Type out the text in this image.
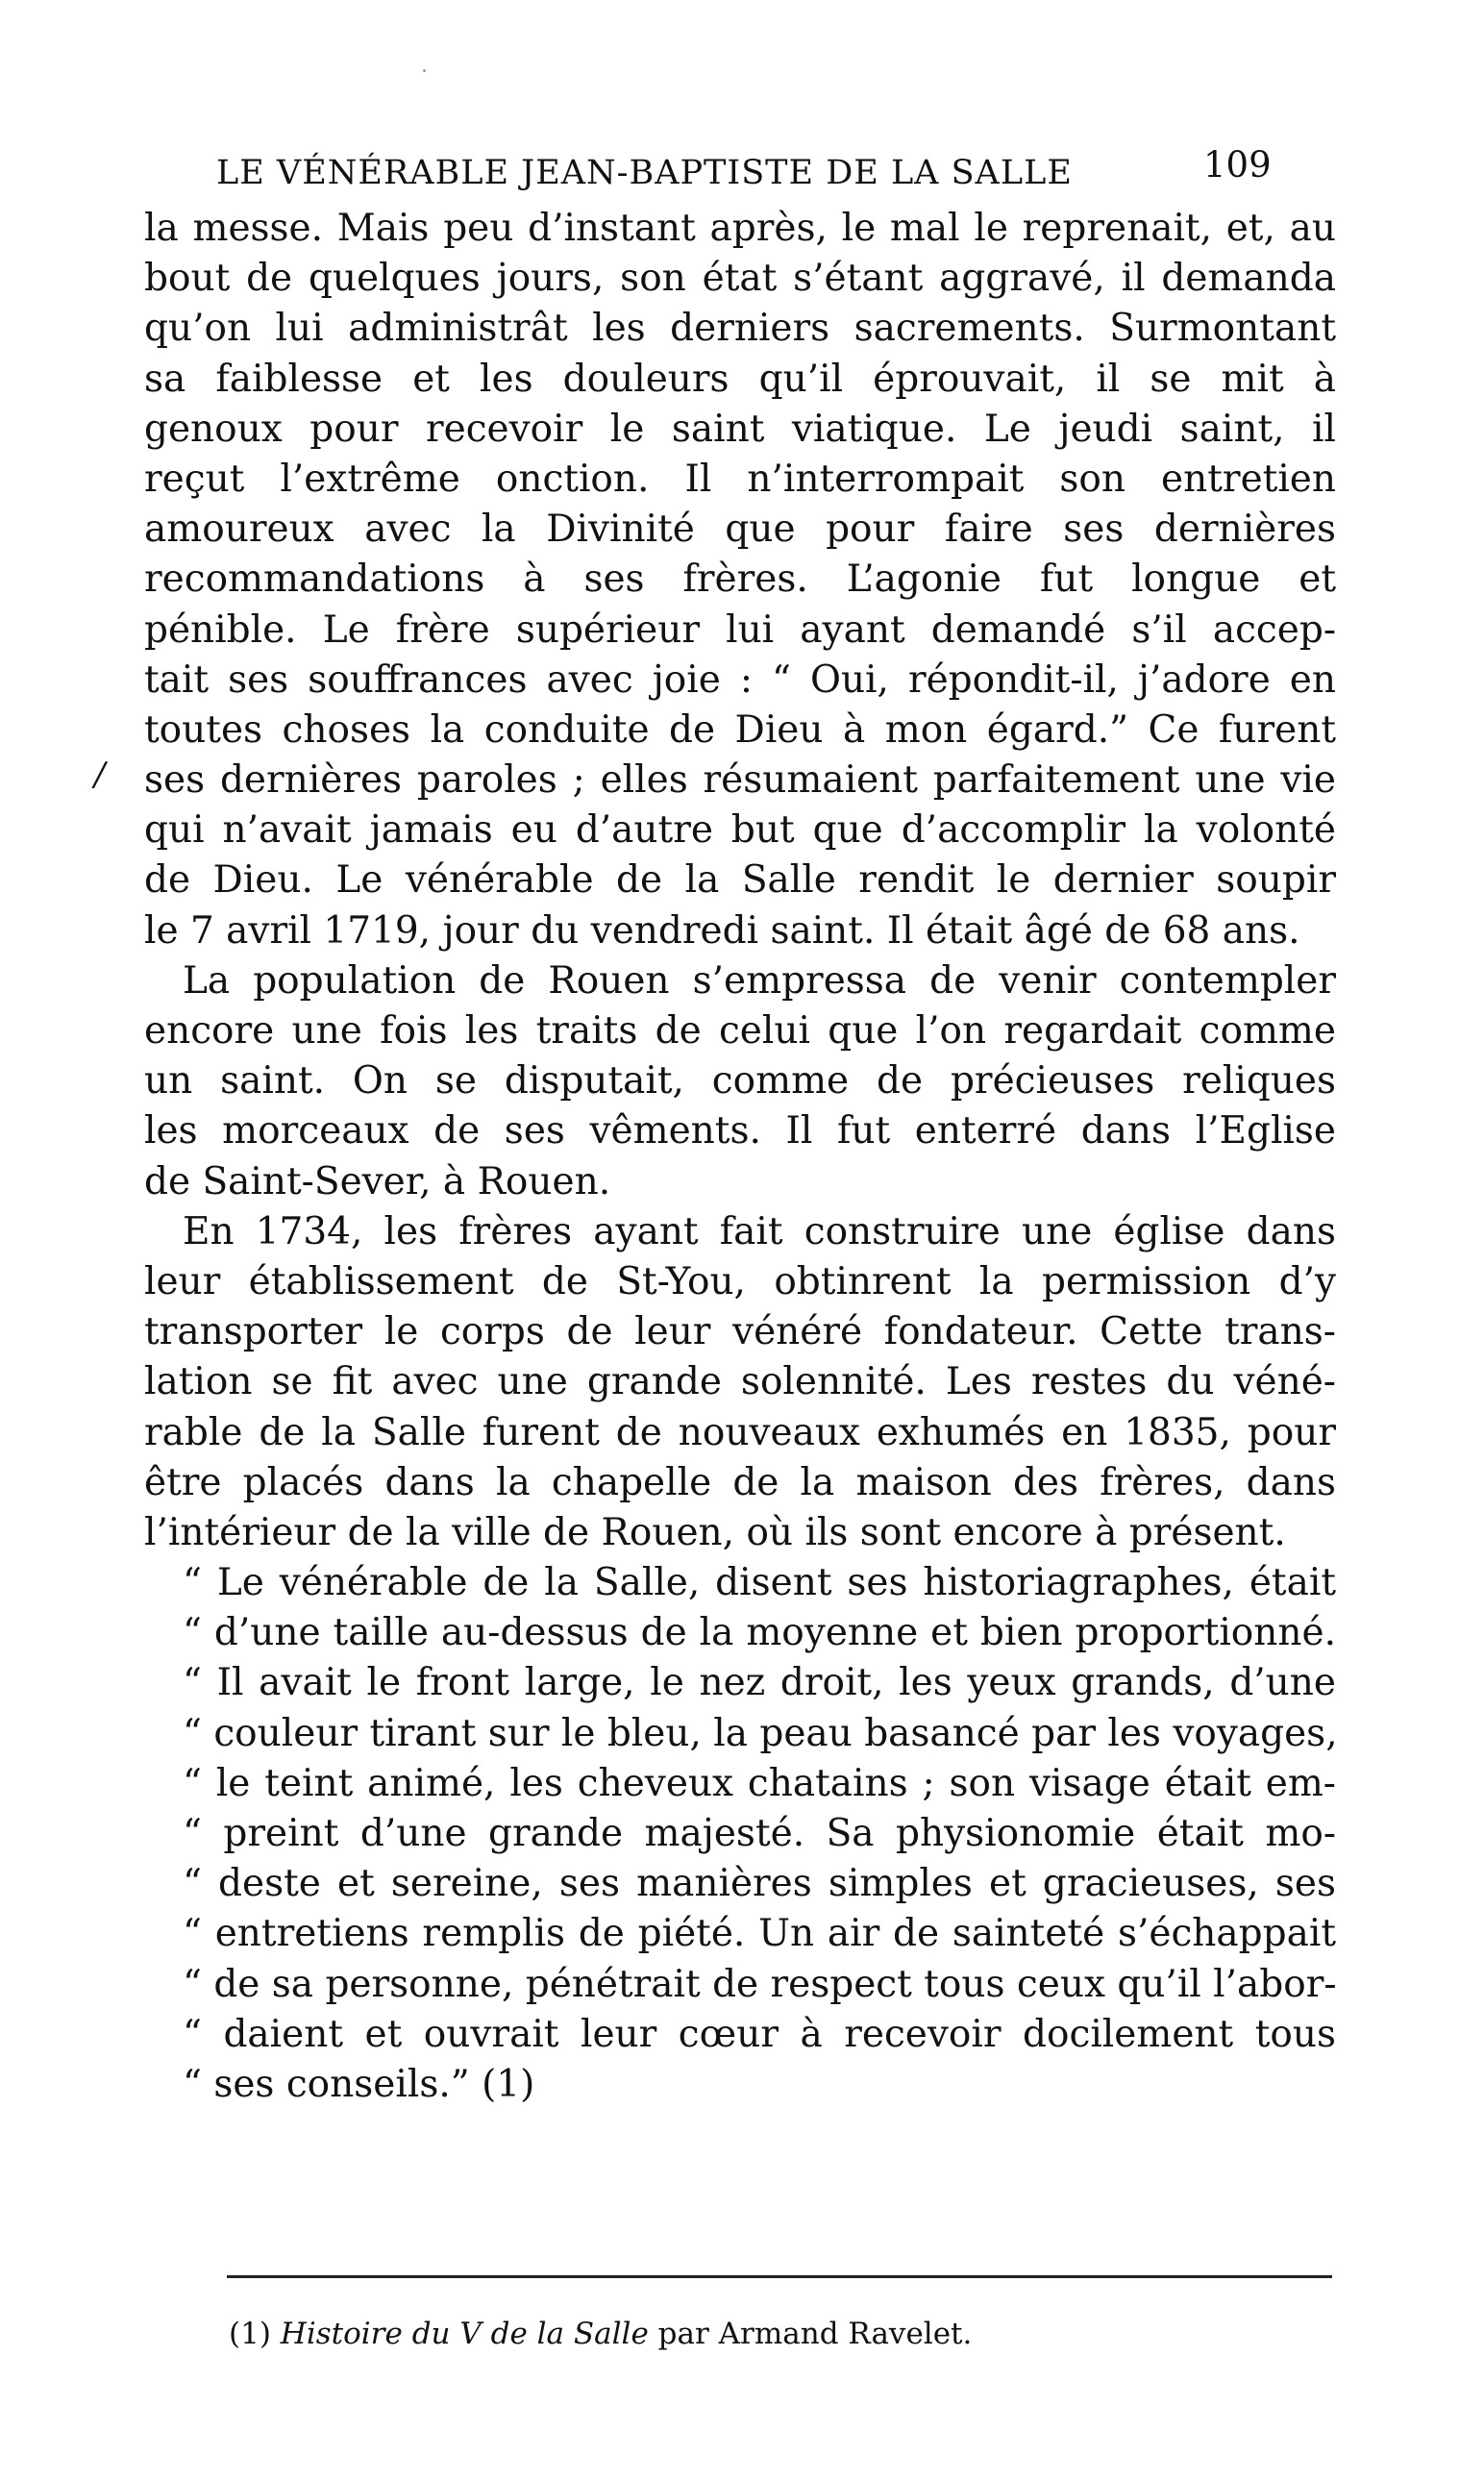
LE VÉNÉRABLE JEAN-BAPTISTE DE LA SALLE	109
/
la messe. Mais peu d’instant après, le mal le reprenait, et, au
bout de quelques jours, son état s’étant aggravé, il demanda
qu’on lui administrât les derniers sacrements. Surmontant
sa faiblesse et les douleurs qu’il éprouvait, il se mit à
genoux pour recevoir le saint viatique. Le jeudi saint, il
reçut l’extrême onction. Il n’interrompait son entretien
amoureux avec la Divinité que pour faire ses dernières
recommandations à ses frères. L’agonie fut longue et
pénible. Le frère supérieur lui ayant demandé s’il accep-
tait ses souffrances avec joie : “ Oui, répondit-il, j’adore en
toutes choses la conduite de Dieu à mon égard.” Ce furent
ses dernières paroles ; elles résumaient parfaitement une vie
qui n’avait jamais eu d’autre but que d’accomplir la volonté
de Dieu. Le vénérable de la Salle rendit le dernier soupir
le 7 avril 1719, jour du vendredi saint. Il était âgé de 68 ans.
La population de Rouen s’empressa de venir contempler
encore une fois les traits de celui que l’on regardait comme
un saint. On se disputait, comme de précieuses reliques
les morceaux de ses vêments. Il fut enterré dans l’Eglise
de Saint-Sever, à Rouen.
En 1734, les frères ayant fait construire une église dans
leur établissement de St-You, obtinrent la permission d’y
transporter le corps de leur vénéré fondateur. Cette trans-
lation se fit avec une grande solennité. Les restes du véné-
rable de la Salle furent de nouveaux exhumés en 1835, pour
être placés dans la chapelle de la maison des frères, dans
l’intérieur de la ville de Rouen, où ils sont encore à présent.
“ Le vénérable de la Salle, disent ses historiagraphes, était
“ d’une taille au-dessus de la moyenne et bien proportionné.
“ Il avait le front large, le nez droit, les yeux grands, d’une
“ couleur tirant sur le bleu, la peau basancé par les voyages,
“ le teint animé, les cheveux chatains ; son visage était em-
“ preint d’une grande majesté. Sa physionomie était mo-
“ deste et sereine, ses manières simples et gracieuses, ses
“ entretiens remplis de piété. Un air de sainteté s’échappait
“ de sa personne, pénétrait de respect tous ceux qu’il l’abor-
“ daient et ouvrait leur cœur à recevoir docilement tous
“ ses conseils.” (1)
(1) Histoire du V de la Salle par Armand Ravelet.
